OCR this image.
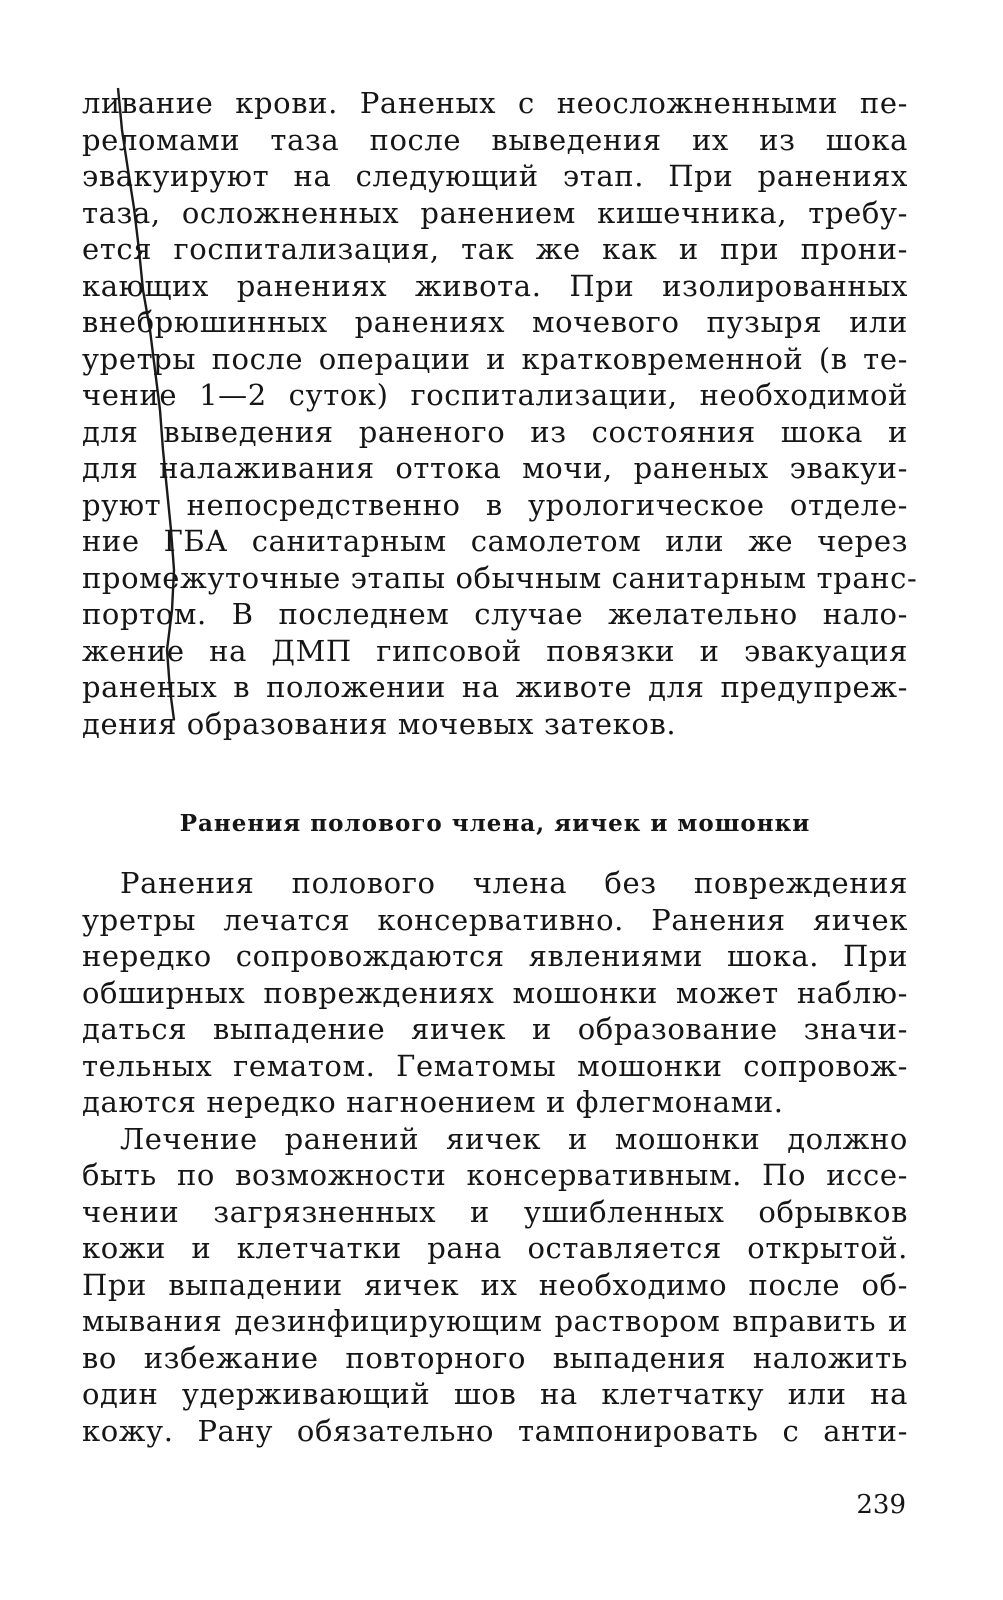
ливание крови. Раненых с неосложненными пе-
реломами таза после выведения их из шока
эвакуируют на следующий этап. При ранениях
таза, осложненных ранением кишечника, требу-
ется госпитализация, так же как и при прони-
кающих ранениях живота. При изолированных
внебрюшинных ранениях мочевого пузыря или
уретры после операции и кратковременной (в те-
чение 1—2 суток) госпитализации, необходимой
для выведения раненого из состояния шока и
для налаживания оттока мочи, раненых эвакуи-
руют непосредственно в урологическое отделе-
ние ГБА санитарным самолетом или же через
промежуточные этапы обычным санитарным транс-
портом. В последнем случае желательно нало-
жение на ДМП гипсовой повязки и эвакуация
раненых в положении на животе для предупреж-
дения образования мочевых затеков.
Ранения полового члена, яичек и мошонки
Ранения полового члена без повреждения
уретры лечатся консервативно. Ранения яичек
нередко сопровождаются явлениями шока. При
обширных повреждениях мошонки может наблю-
даться выпадение яичек и образование значи-
тельных гематом. Гематомы мошонки сопровож-
даются нередко нагноением и флегмонами.
Лечение ранений яичек и мошонки должно
быть по возможности консервативным. По иссе-
чении загрязненных и ушибленных обрывков
кожи и клетчатки рана оставляется открытой.
При выпадении яичек их необходимо после об-
мывания дезинфицирующим раствором вправить и
во избежание повторного выпадения наложить
один удерживающий шов на клетчатку или на
кожу. Рану обязательно тампонировать с анти-
239
